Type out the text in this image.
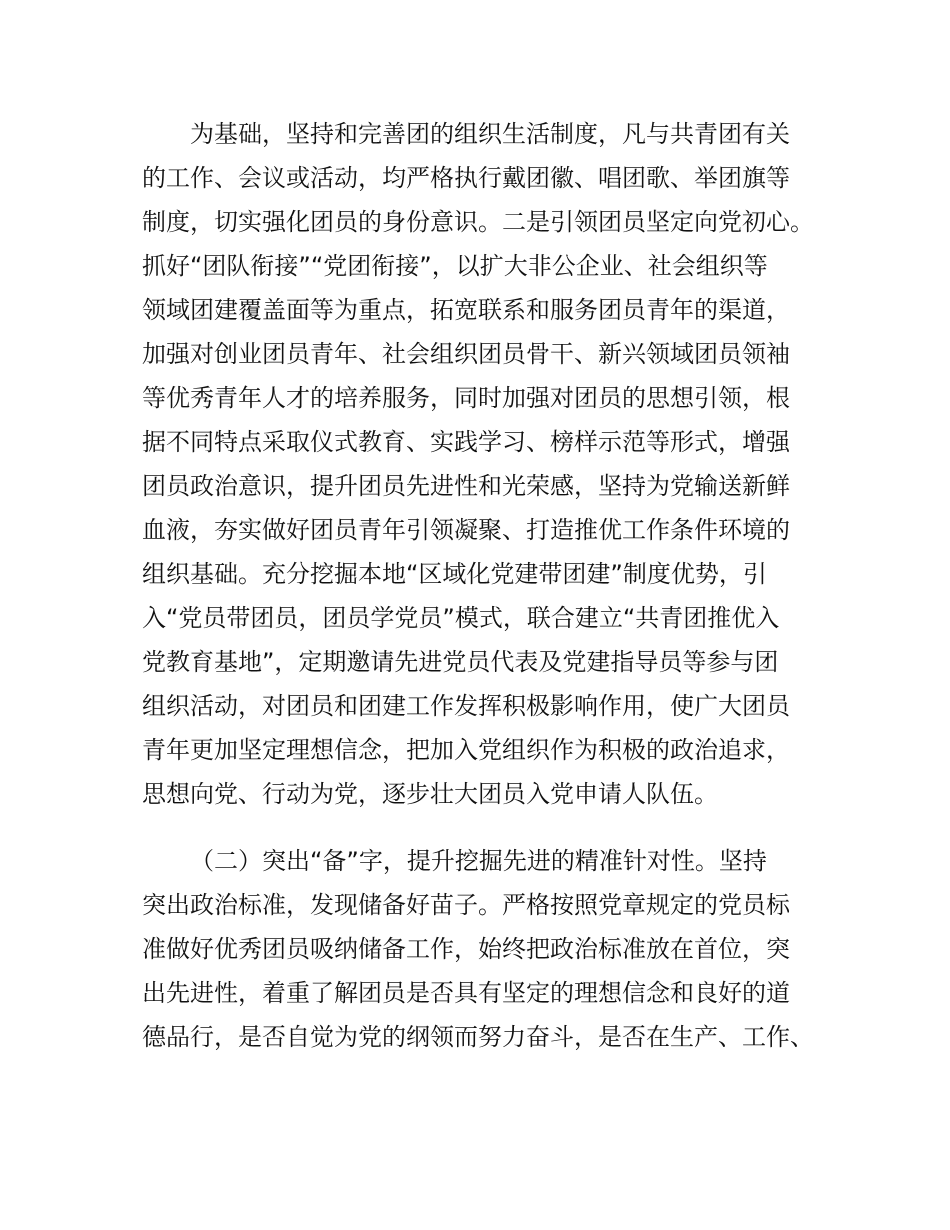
为基础，坚持和完善团的组织生活制度，凡与共青团有关
的工作、会议或活动，均严格执行戴团徽、唱团歌、举团旗等
制度，切实强化团员的身份意识。二是引领团员坚定向党初心。
抓好“团队衔接”“党团衔接”，以扩大非公企业、社会组织等
领域团建覆盖面等为重点，拓宽联系和服务团员青年的渠道，
加强对创业团员青年、社会组织团员骨干、新兴领域团员领袖
等优秀青年人才的培养服务，同时加强对团员的思想引领，根
据不同特点采取仪式教育、实践学习、榜样示范等形式，增强
团员政治意识，提升团员先进性和光荣感，坚持为党输送新鲜
血液，夯实做好团员青年引领凝聚、打造推优工作条件环境的
组织基础。充分挖掘本地“区域化党建带团建”制度优势，引
入“党员带团员，团员学党员”模式，联合建立“共青团推优入
党教育基地”，定期邀请先进党员代表及党建指导员等参与团
组织活动，对团员和团建工作发挥积极影响作用，使广大团员
青年更加坚定理想信念，把加入党组织作为积极的政治追求，
思想向党、行动为党，逐步壮大团员入党申请人队伍。
（二）突出“备”字，提升挖掘先进的精准针对性。坚持
突出政治标准，发现储备好苗子。严格按照党章规定的党员标
准做好优秀团员吸纳储备工作，始终把政治标准放在首位，突
出先进性，着重了解团员是否具有坚定的理想信念和良好的道
德品行，是否自觉为党的纲领而努力奋斗，是否在生产、工作、
